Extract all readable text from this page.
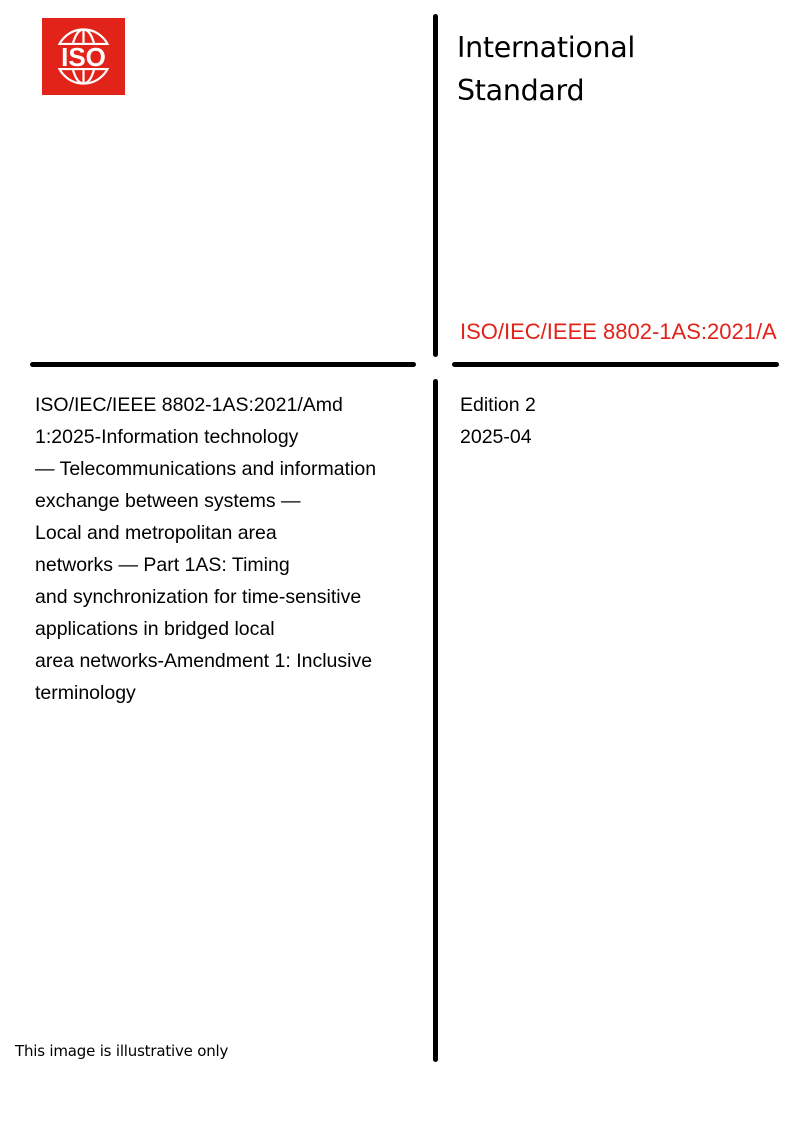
ISO	International
Standard
ISO/IEC/IEEE 8802-1AS:2021/A
ISO/IEC/IEEE 8802-1AS:2021/Amd
1:2025-Information technology
— Telecommunications and information
exchange between systems —
Local and metropolitan area
networks — Part 1AS: Timing
and synchronization for time-sensitive
applications in bridged local
area networks-Amendment 1: Inclusive
terminology
Edition 2
2025-04
This image is illustrative only
